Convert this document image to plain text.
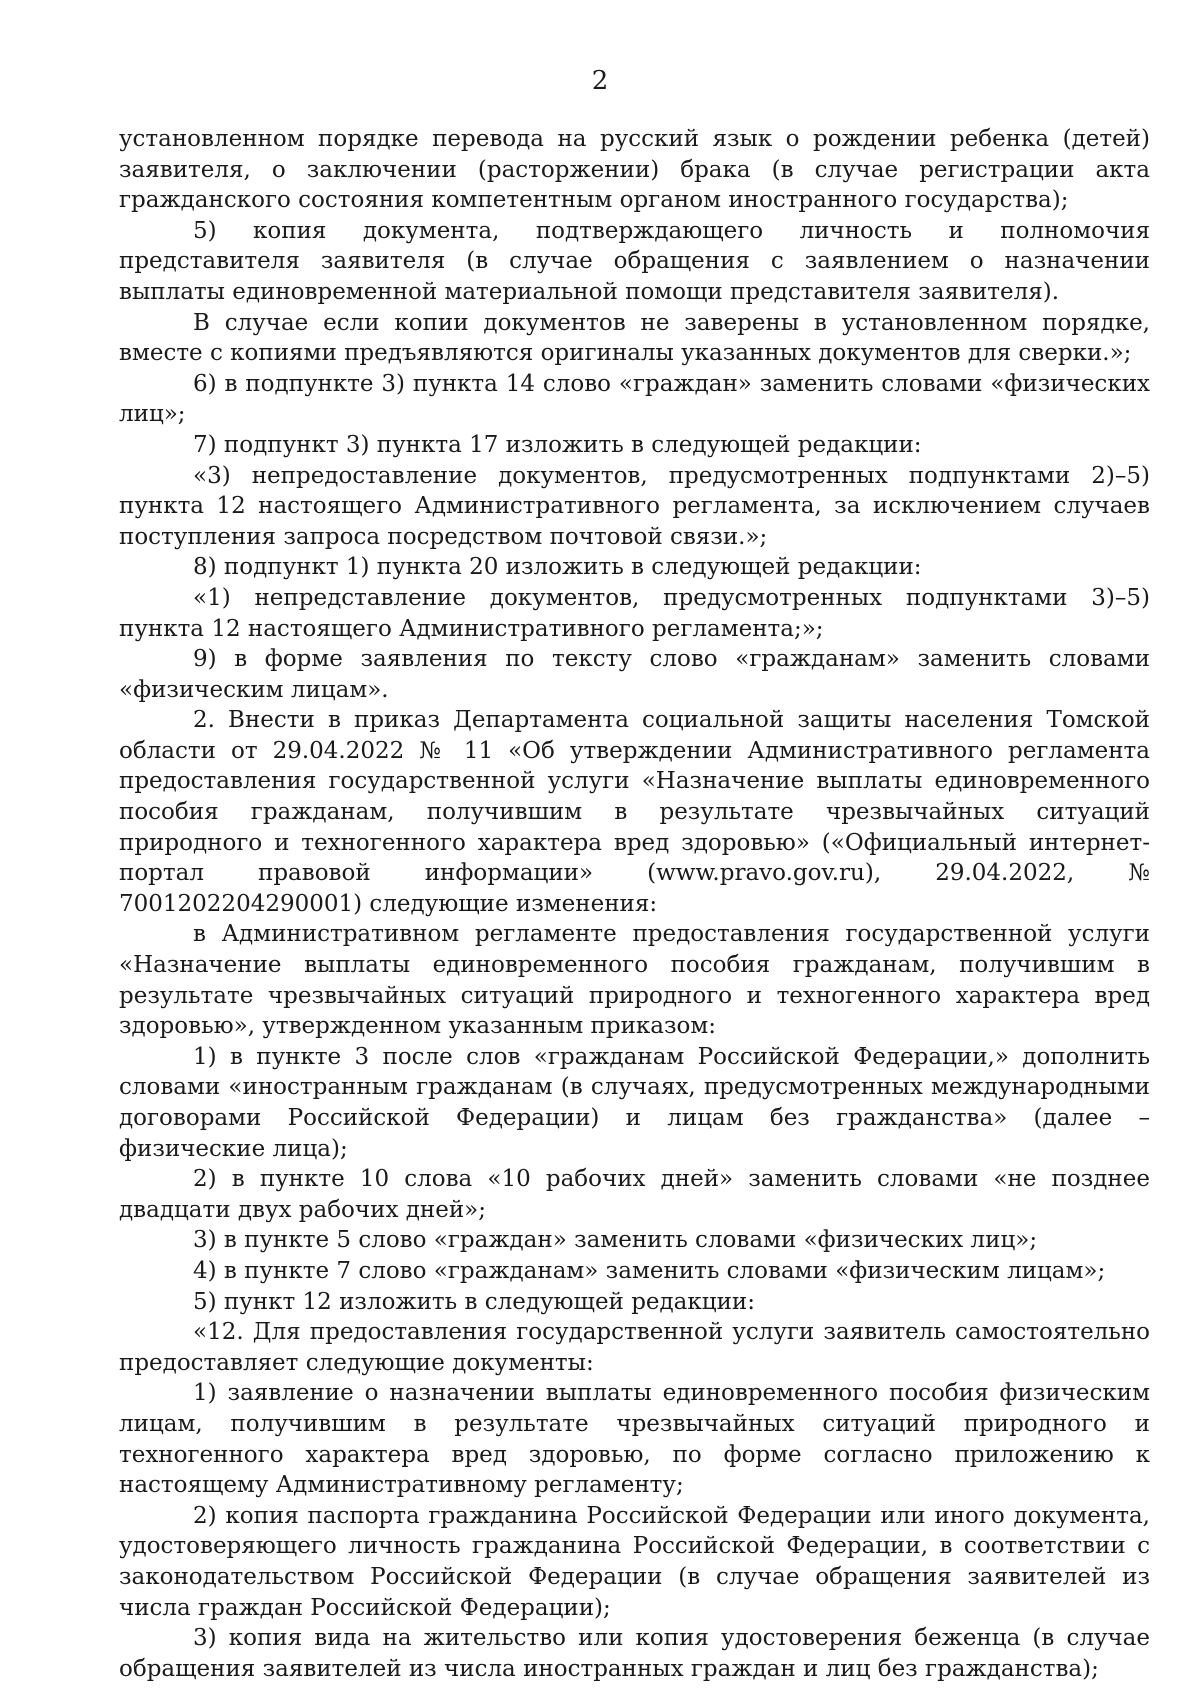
2

установленном порядке перевода на русский язык о рождении ребенка (детей) заявителя, о заключении (расторжении) брака (в случае регистрации акта гражданского состояния компетентным органом иностранного государства);

5) копия документа, подтверждающего личность и полномочия представителя заявителя (в случае обращения с заявлением о назначении выплаты единовременной материальной помощи представителя заявителя).

В случае если копии документов не заверены в установленном порядке, вместе с копиями предъявляются оригиналы указанных документов для сверки.»;

6) в подпункте 3) пункта 14 слово «граждан» заменить словами «физических лиц»;

7) подпункт 3) пункта 17 изложить в следующей редакции:

«3) непредоставление документов, предусмотренных подпунктами 2)–5) пункта 12 настоящего Административного регламента, за исключением случаев поступления запроса посредством почтовой связи.»;

8) подпункт 1) пункта 20 изложить в следующей редакции:

«1) непредставление документов, предусмотренных подпунктами 3)–5) пункта 12 настоящего Административного регламента;»;

9) в форме заявления по тексту слово «гражданам» заменить словами «физическим лицам».

2. Внести в приказ Департамента социальной защиты населения Томской области от 29.04.2022 № 11 «Об утверждении Административного регламента предоставления государственной услуги «Назначение выплаты единовременного пособия гражданам, получившим в результате чрезвычайных ситуаций природного и техногенного характера вред здоровью» («Официальный интернет-портал правовой информации» (www.pravo.gov.ru), 29.04.2022, № 7001202204290001) следующие изменения:

в Административном регламенте предоставления государственной услуги «Назначение выплаты единовременного пособия гражданам, получившим в результате чрезвычайных ситуаций природного и техногенного характера вред здоровью», утвержденном указанным приказом:

1) в пункте 3 после слов «гражданам Российской Федерации,» дополнить словами «иностранным гражданам (в случаях, предусмотренных международными договорами Российской Федерации) и лицам без гражданства» (далее – физические лица);

2) в пункте 10 слова «10 рабочих дней» заменить словами «не позднее двадцати двух рабочих дней»;

3) в пункте 5 слово «граждан» заменить словами «физических лиц»;

4) в пункте 7 слово «гражданам» заменить словами «физическим лицам»;

5) пункт 12 изложить в следующей редакции:

«12. Для предоставления государственной услуги заявитель самостоятельно предоставляет следующие документы:

1) заявление о назначении выплаты единовременного пособия физическим лицам, получившим в результате чрезвычайных ситуаций природного и техногенного характера вред здоровью, по форме согласно приложению к настоящему Административному регламенту;

2) копия паспорта гражданина Российской Федерации или иного документа, удостоверяющего личность гражданина Российской Федерации, в соответствии с законодательством Российской Федерации (в случае обращения заявителей из числа граждан Российской Федерации);

3) копия вида на жительство или копия удостоверения беженца (в случае обращения заявителей из числа иностранных граждан и лиц без гражданства);
